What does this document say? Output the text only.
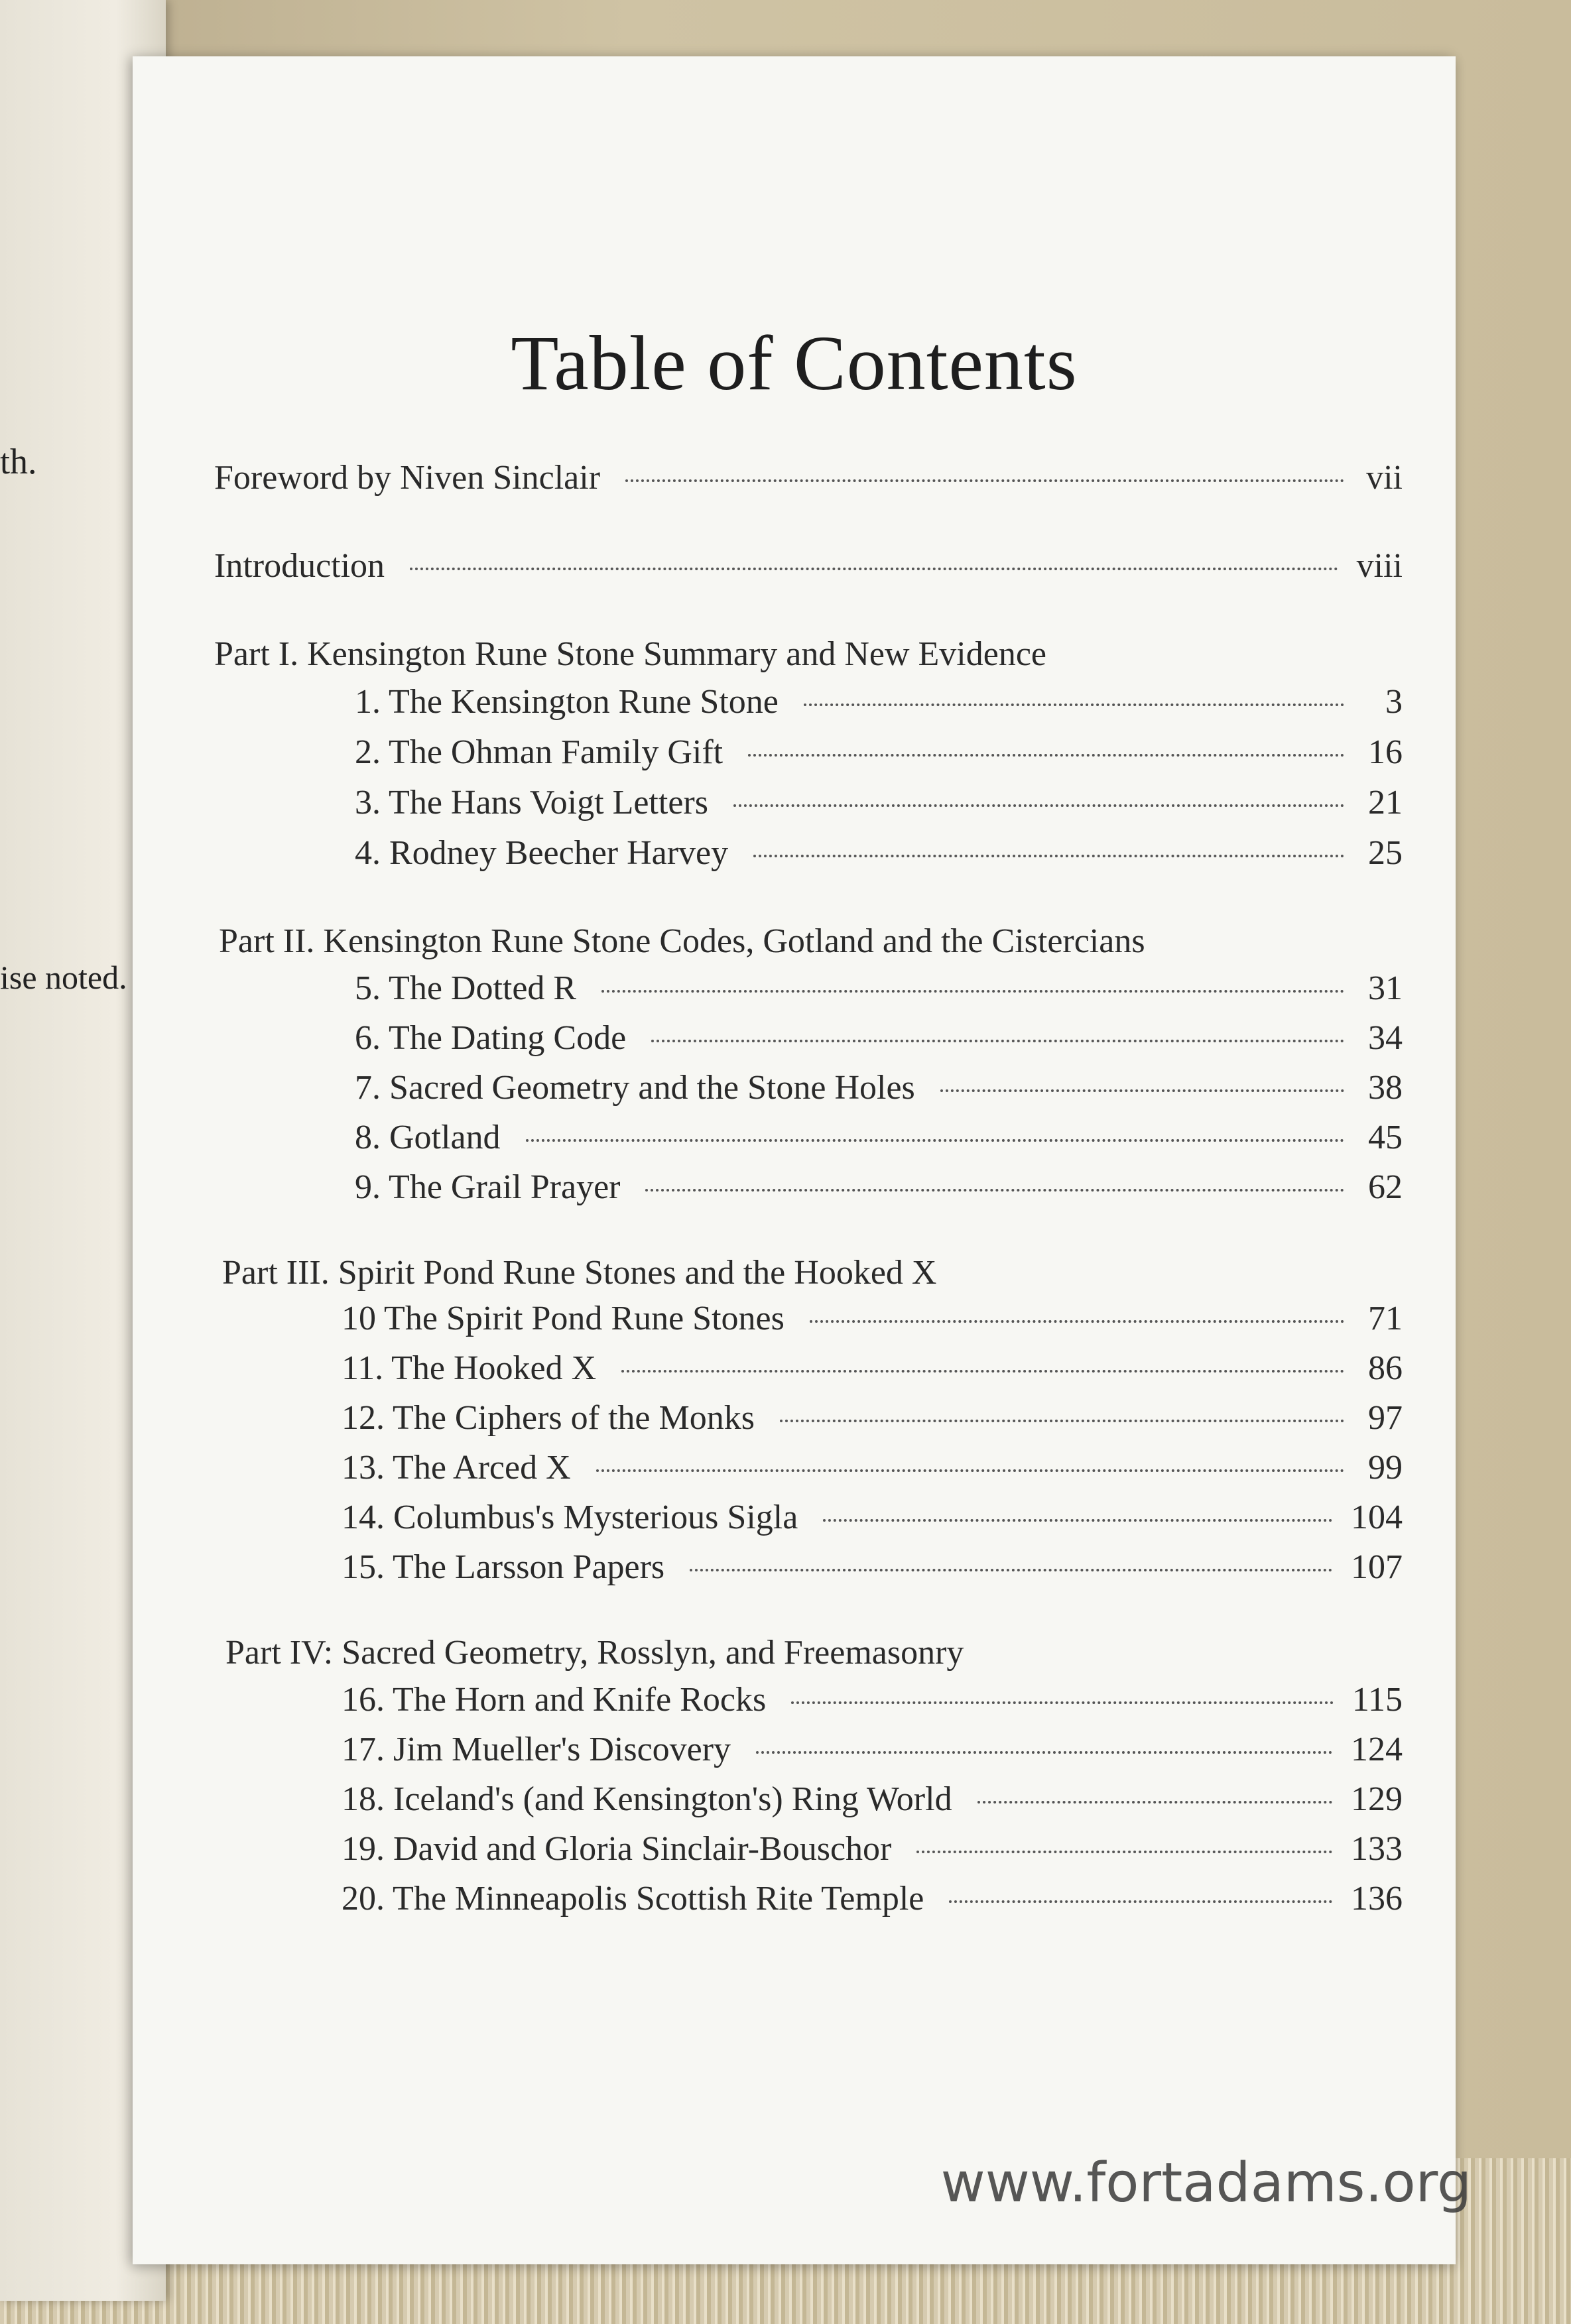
th.
ise noted.
Table of Contents
Foreword by Niven Sinclair	vii
Introduction	viii
Part I. Kensington Rune Stone Summary and New Evidence
1. The Kensington Rune Stone	3
2. The Ohman Family Gift	16
3. The Hans Voigt Letters	21
4. Rodney Beecher Harvey	25
Part II. Kensington Rune Stone Codes, Gotland and the Cistercians
5. The Dotted R	31
6. The Dating Code	34
7. Sacred Geometry and the Stone Holes	38
8. Gotland	45
9. The Grail Prayer	62
Part III. Spirit Pond Rune Stones and the Hooked X
10 The Spirit Pond Rune Stones	71
11. The Hooked X	86
12. The Ciphers of the Monks	97
13. The Arced X	99
14. Columbus's Mysterious Sigla	104
15. The Larsson Papers	107
Part IV: Sacred Geometry, Rosslyn, and Freemasonry
16. The Horn and Knife Rocks	115
17. Jim Mueller's Discovery	124
18. Iceland's (and Kensington's) Ring World	129
19. David and Gloria Sinclair-Bouschor	133
20. The Minneapolis Scottish Rite Temple	136
www.fortadams.org
